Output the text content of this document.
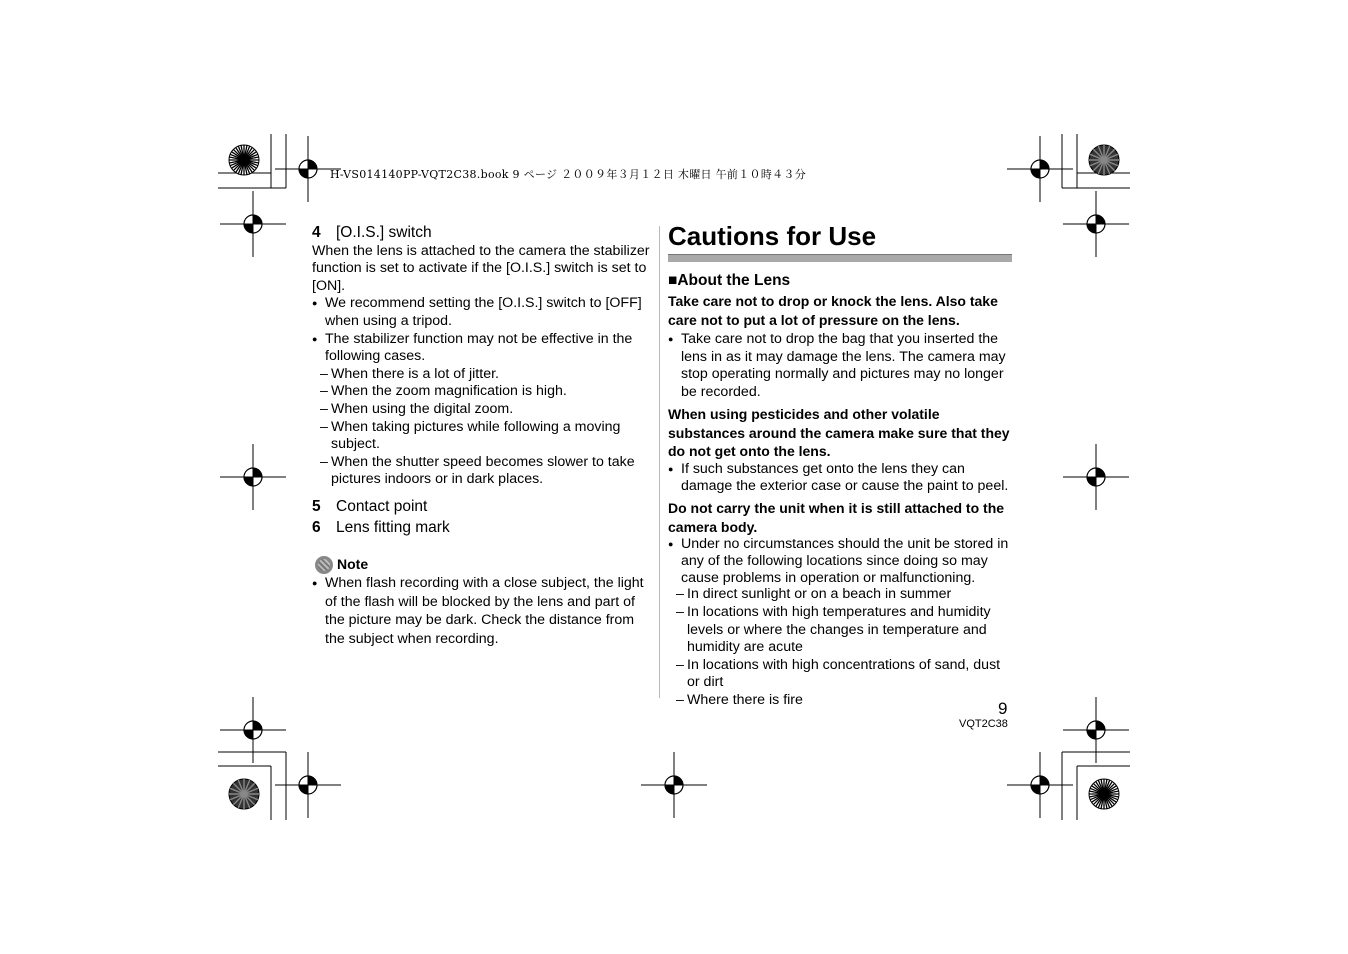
H-VS014140PP-VQT2C38.book 9 ページ ２００９年３月１２日 木曜日 午前１０時４３分
4 [O.I.S.] switch

When the lens is attached to the camera the stabilizer function is set to activate if the [O.I.S.] switch is set to [ON].

● We recommend setting the [O.I.S.] switch to [OFF] when using a tripod.
● The stabilizer function may not be effective in the following cases.
– When there is a lot of jitter.
– When the zoom magnification is high.
– When using the digital zoom.
– When taking pictures while following a moving subject.
– When the shutter speed becomes slower to take pictures indoors or in dark places.
5 Contact point
6 Lens fitting mark
Note
● When flash recording with a close subject, the light of the flash will be blocked by the lens and part of the picture may be dark. Check the distance from the subject when recording.
Cautions for Use
■About the Lens
Take care not to drop or knock the lens. Also take care not to put a lot of pressure on the lens.
● Take care not to drop the bag that you inserted the lens in as it may damage the lens. The camera may stop operating normally and pictures may no longer be recorded.
When using pesticides and other volatile substances around the camera make sure that they do not get onto the lens.
● If such substances get onto the lens they can damage the exterior case or cause the paint to peel.
Do not carry the unit when it is still attached to the camera body.
● Under no circumstances should the unit be stored in any of the following locations since doing so may cause problems in operation or malfunctioning.
– In direct sunlight or on a beach in summer
– In locations with high temperatures and humidity levels or where the changes in temperature and humidity are acute
– In locations with high concentrations of sand, dust or dirt
– Where there is fire	9
VQT2C38
